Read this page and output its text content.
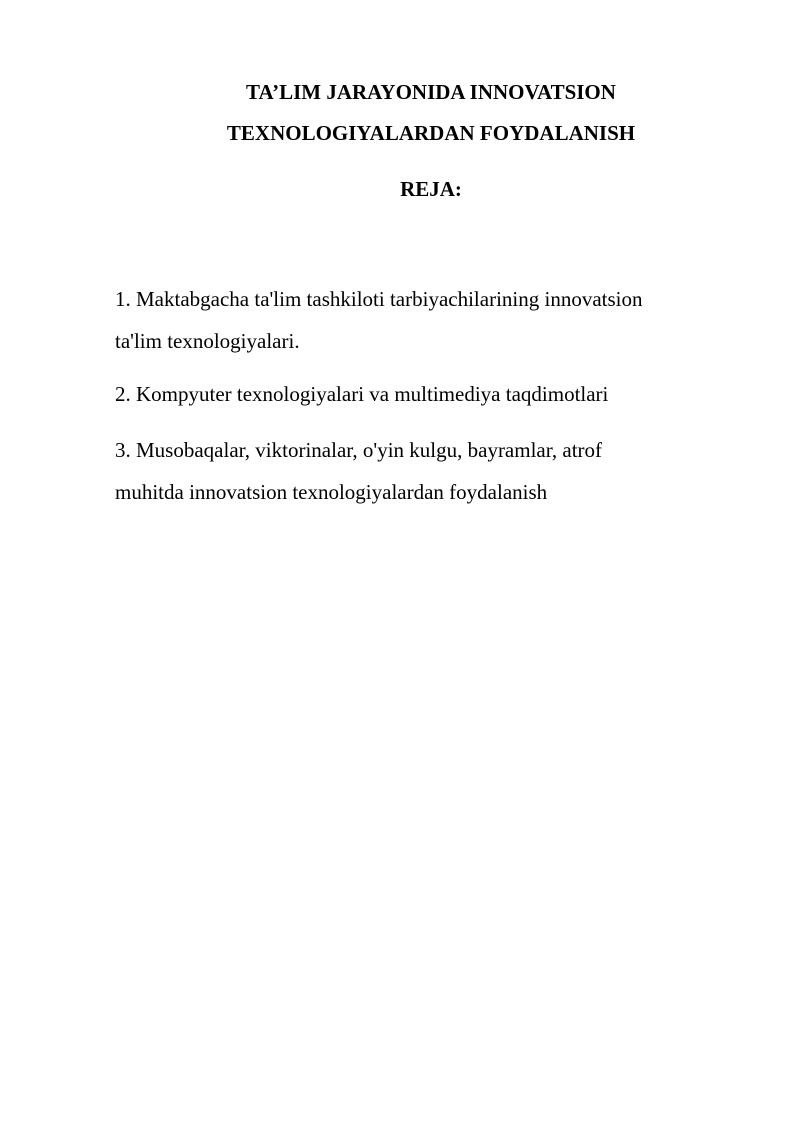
TA’LIM JARAYONIDA INNOVATSION
TEXNOLOGIYALARDAN FOYDALANISH
REJA:
1. Maktabgacha ta'lim tashkiloti tarbiyachilarining innovatsion
ta'lim texnologiyalari.
2. Kompyuter texnologiyalari va multimediya taqdimotlari
3. Musobaqalar, viktorinalar, o'yin kulgu, bayramlar, atrof
muhitda innovatsion texnologiyalardan foydalanish
